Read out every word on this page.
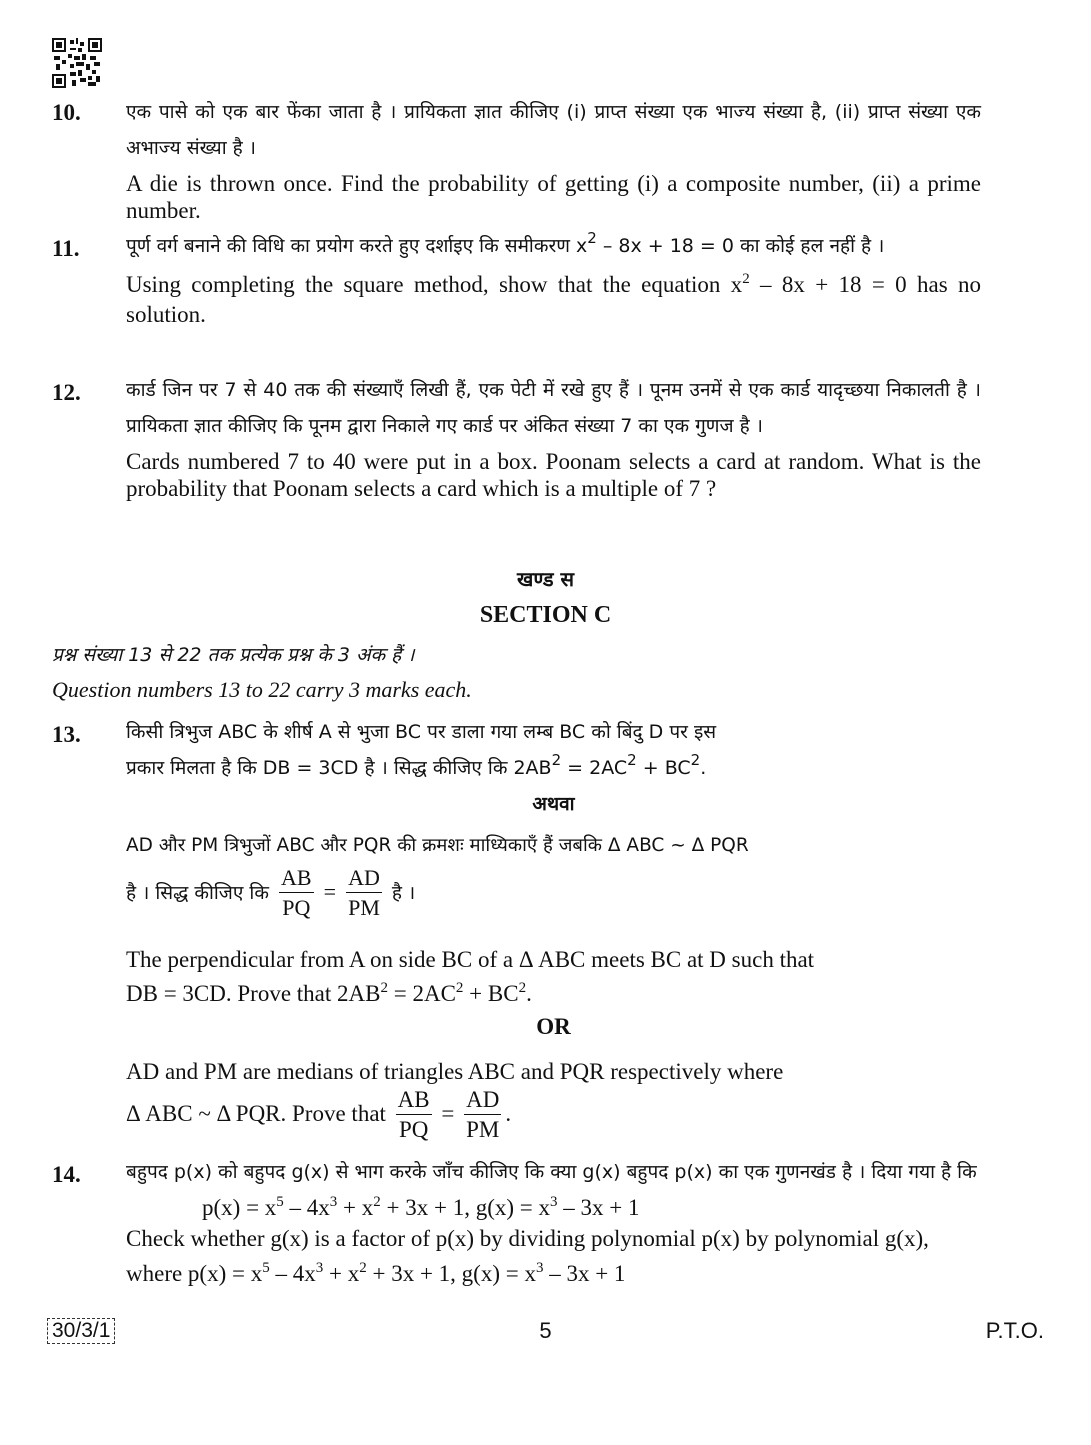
10.	एक पासे को एक बार फेंका जाता है । प्रायिकता ज्ञात कीजिए (i) प्राप्त संख्या एक भाज्य संख्या है, (ii) प्राप्त संख्या एक अभाज्य संख्या है ।

A die is thrown once. Find the probability of getting (i) a composite number, (ii) a prime number.

11.	पूर्ण वर्ग बनाने की विधि का प्रयोग करते हुए दर्शाइए कि समीकरण $x^2 - 8x + 18 = 0$ का कोई हल नहीं है ।

Using completing the square method, show that the equation $x^2 - 8x + 18 = 0$ has no solution.

12.	कार्ड जिन पर 7 से 40 तक की संख्याएँ लिखी हैं, एक पेटी में रखे हुए हैं । पूनम उनमें से एक कार्ड यादृच्छया निकालती है । प्रायिकता ज्ञात कीजिए कि पूनम द्वारा निकाले गए कार्ड पर अंकित संख्या 7 का एक गुणज है ।

Cards numbered 7 to 40 were put in a box. Poonam selects a card at random. What is the probability that Poonam selects a card which is a multiple of 7 ?

खण्ड स
SECTION C
प्रश्न संख्या 13 से 22 तक प्रत्येक प्रश्न के 3 अंक हैं ।
Question numbers 13 to 22 carry 3 marks each.
13.	किसी त्रिभुज ABC के शीर्ष A से भुजा BC पर डाला गया लम्ब BC को बिंदु D पर इस
प्रकार मिलता है कि DB = 3CD है । सिद्ध कीजिए कि $2AB^2 = 2AC^2 + BC^2$.
अथवा
AD और PM त्रिभुजों ABC और PQR की क्रमशः माध्यिकाएँ हैं जबकि Δ ABC ~ Δ PQR
है । सिद्ध कीजिए कि $\frac{AB}{PQ} = \frac{AD}{PM}$ है ।
The perpendicular from A on side BC of a Δ ABC meets BC at D such that
DB = 3CD. Prove that $2AB^2 = 2AC^2 + BC^2$.
OR
AD and PM are medians of triangles ABC and PQR respectively where
Δ ABC ~ Δ PQR. Prove that $\frac{AB}{PQ} = \frac{AD}{PM}$ .
14.	बहुपद p(x) को बहुपद g(x) से भाग करके जाँच कीजिए कि क्या g(x) बहुपद p(x) का एक गुणनखंड है । दिया गया है कि

$p(x) = x^5 - 4x^3 + x^2 + 3x + 1$, $g(x) = x^3 - 3x + 1$

Check whether g(x) is a factor of p(x) by dividing polynomial p(x) by polynomial g(x),

where $p(x) = x^5 - 4x^3 + x^2 + 3x + 1$, $g(x) = x^3 - 3x + 1$

30/3/1	5	P.T.O.
